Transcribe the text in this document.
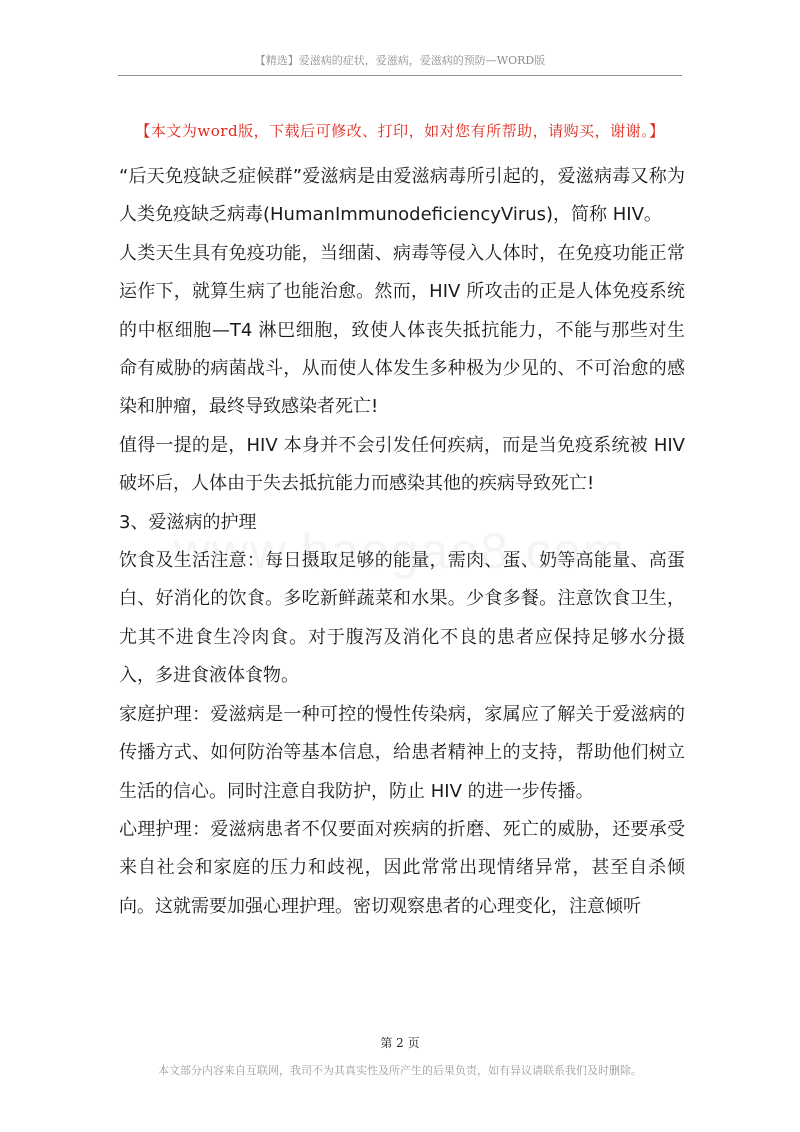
【精选】爱滋病的症状，爱滋病，爱滋病的预防—WORD版
【本文为word版，下载后可修改、打印，如对您有所帮助，请购买，谢谢。】

“后天免疫缺乏症候群”爱滋病是由爱滋病毒所引起的，爱滋病毒又称为人类免疫缺乏病毒(HumanImmunodeficiencyVirus)，简称 HIV。

人类天生具有免疫功能，当细菌、病毒等侵入人体时，在免疫功能正常运作下，就算生病了也能治愈。然而，HIV 所攻击的正是人体免疫系统的中枢细胞—T4 淋巴细胞，致使人体丧失抵抗能力，不能与那些对生命有威胁的病菌战斗，从而使人体发生多种极为少见的、不可治愈的感染和肿瘤，最终导致感染者死亡!

值得一提的是，HIV 本身并不会引发任何疾病，而是当免疫系统被 HIV 破坏后，人体由于失去抵抗能力而感染其他的疾病导致死亡!

3、爱滋病的护理

饮食及生活注意：每日摄取足够的能量，需肉、蛋、奶等高能量、高蛋白、好消化的饮食。多吃新鲜蔬菜和水果。少食多餐。注意饮食卫生，尤其不进食生冷肉食。对于腹泻及消化不良的患者应保持足够水分摄入，多进食液体食物。

家庭护理：爱滋病是一种可控的慢性传染病，家属应了解关于爱滋病的传播方式、如何防治等基本信息，给患者精神上的支持，帮助他们树立生活的信心。同时注意自我防护，防止 HIV 的进一步传播。

心理护理：爱滋病患者不仅要面对疾病的折磨、死亡的威胁，还要承受来自社会和家庭的压力和歧视，因此常常出现情绪异常，甚至自杀倾向。这就需要加强心理护理。密切观察患者的心理变化，注意倾听

第 2 页
本文部分内容来自互联网，我司不为其真实性及所产生的后果负责，如有异议请联系我们及时删除。
